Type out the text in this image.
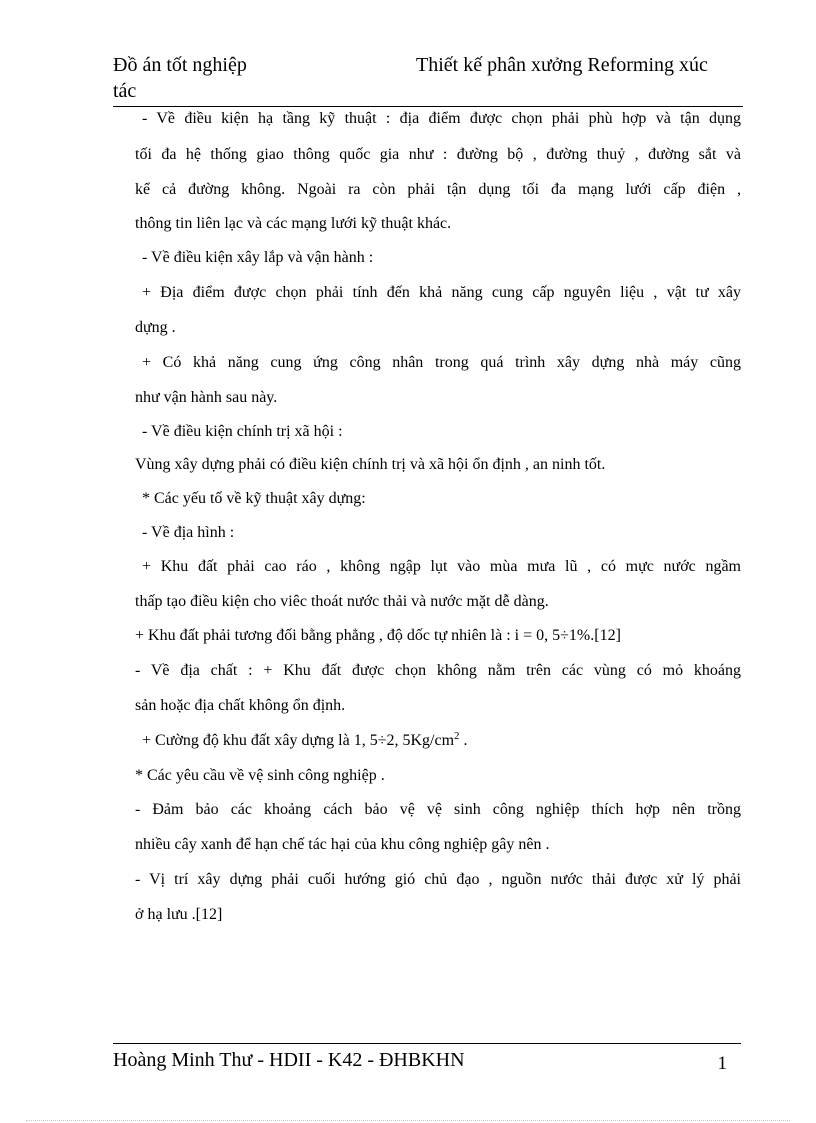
Đồ án tốt nghiệp	Thiết kế phân xưởng Reforming xúc
tác
- Về điều kiện hạ tầng kỹ thuật : địa điểm được chọn phải phù hợp và tận dụng
tối đa hệ thống giao thông quốc gia như : đường bộ , đường thuỷ , đường sắt và
kể cả đường không. Ngoài ra còn phải tận dụng tối đa mạng lưới cấp điện ,
thông tin liên lạc và các mạng lưới kỹ thuật khác.
- Về điều kiện xây lắp và vận hành :
+ Địa điểm được chọn phải tính đến khả năng cung cấp nguyên liệu , vật tư xây
dựng .
+ Có khả năng cung ứng công nhân trong quá trình xây dựng nhà máy cũng
như vận hành sau này.
- Về điều kiện chính trị xã hội :
Vùng xây dựng phải có điều kiện chính trị và xã hội ổn định , an ninh tốt.
* Các yếu tố về kỹ thuật xây dựng:
- Về địa hình :
+ Khu đất phải cao ráo , không ngập lụt vào mùa mưa lũ , có mực nước ngầm
thấp tạo điều kiện cho viêc thoát nước thải và nước mặt dễ dàng.
+ Khu đất phải tương đối bằng phẳng , độ dốc tự nhiên là : i = 0, 5÷1%.[12]
- Về địa chất : + Khu đất được chọn không nằm trên các vùng có mỏ khoáng
sản hoặc địa chất không ổn định.
+ Cường độ khu đất xây dựng là 1, 5÷2, $5Kg/cm^2$ .
* Các yêu cầu về vệ sinh công nghiệp .
- Đảm bảo các khoảng cách bảo vệ vệ sinh công nghiệp thích hợp nên trồng
nhiều cây xanh để hạn chế tác hại của khu công nghiệp gây nên .
- Vị trí xây dựng phải cuối hướng gió chủ đạo , nguồn nước thải được xử lý phải
ở hạ lưu .[12]
Hoàng Minh Thư - HDII - K42 - ĐHBKHN	1
